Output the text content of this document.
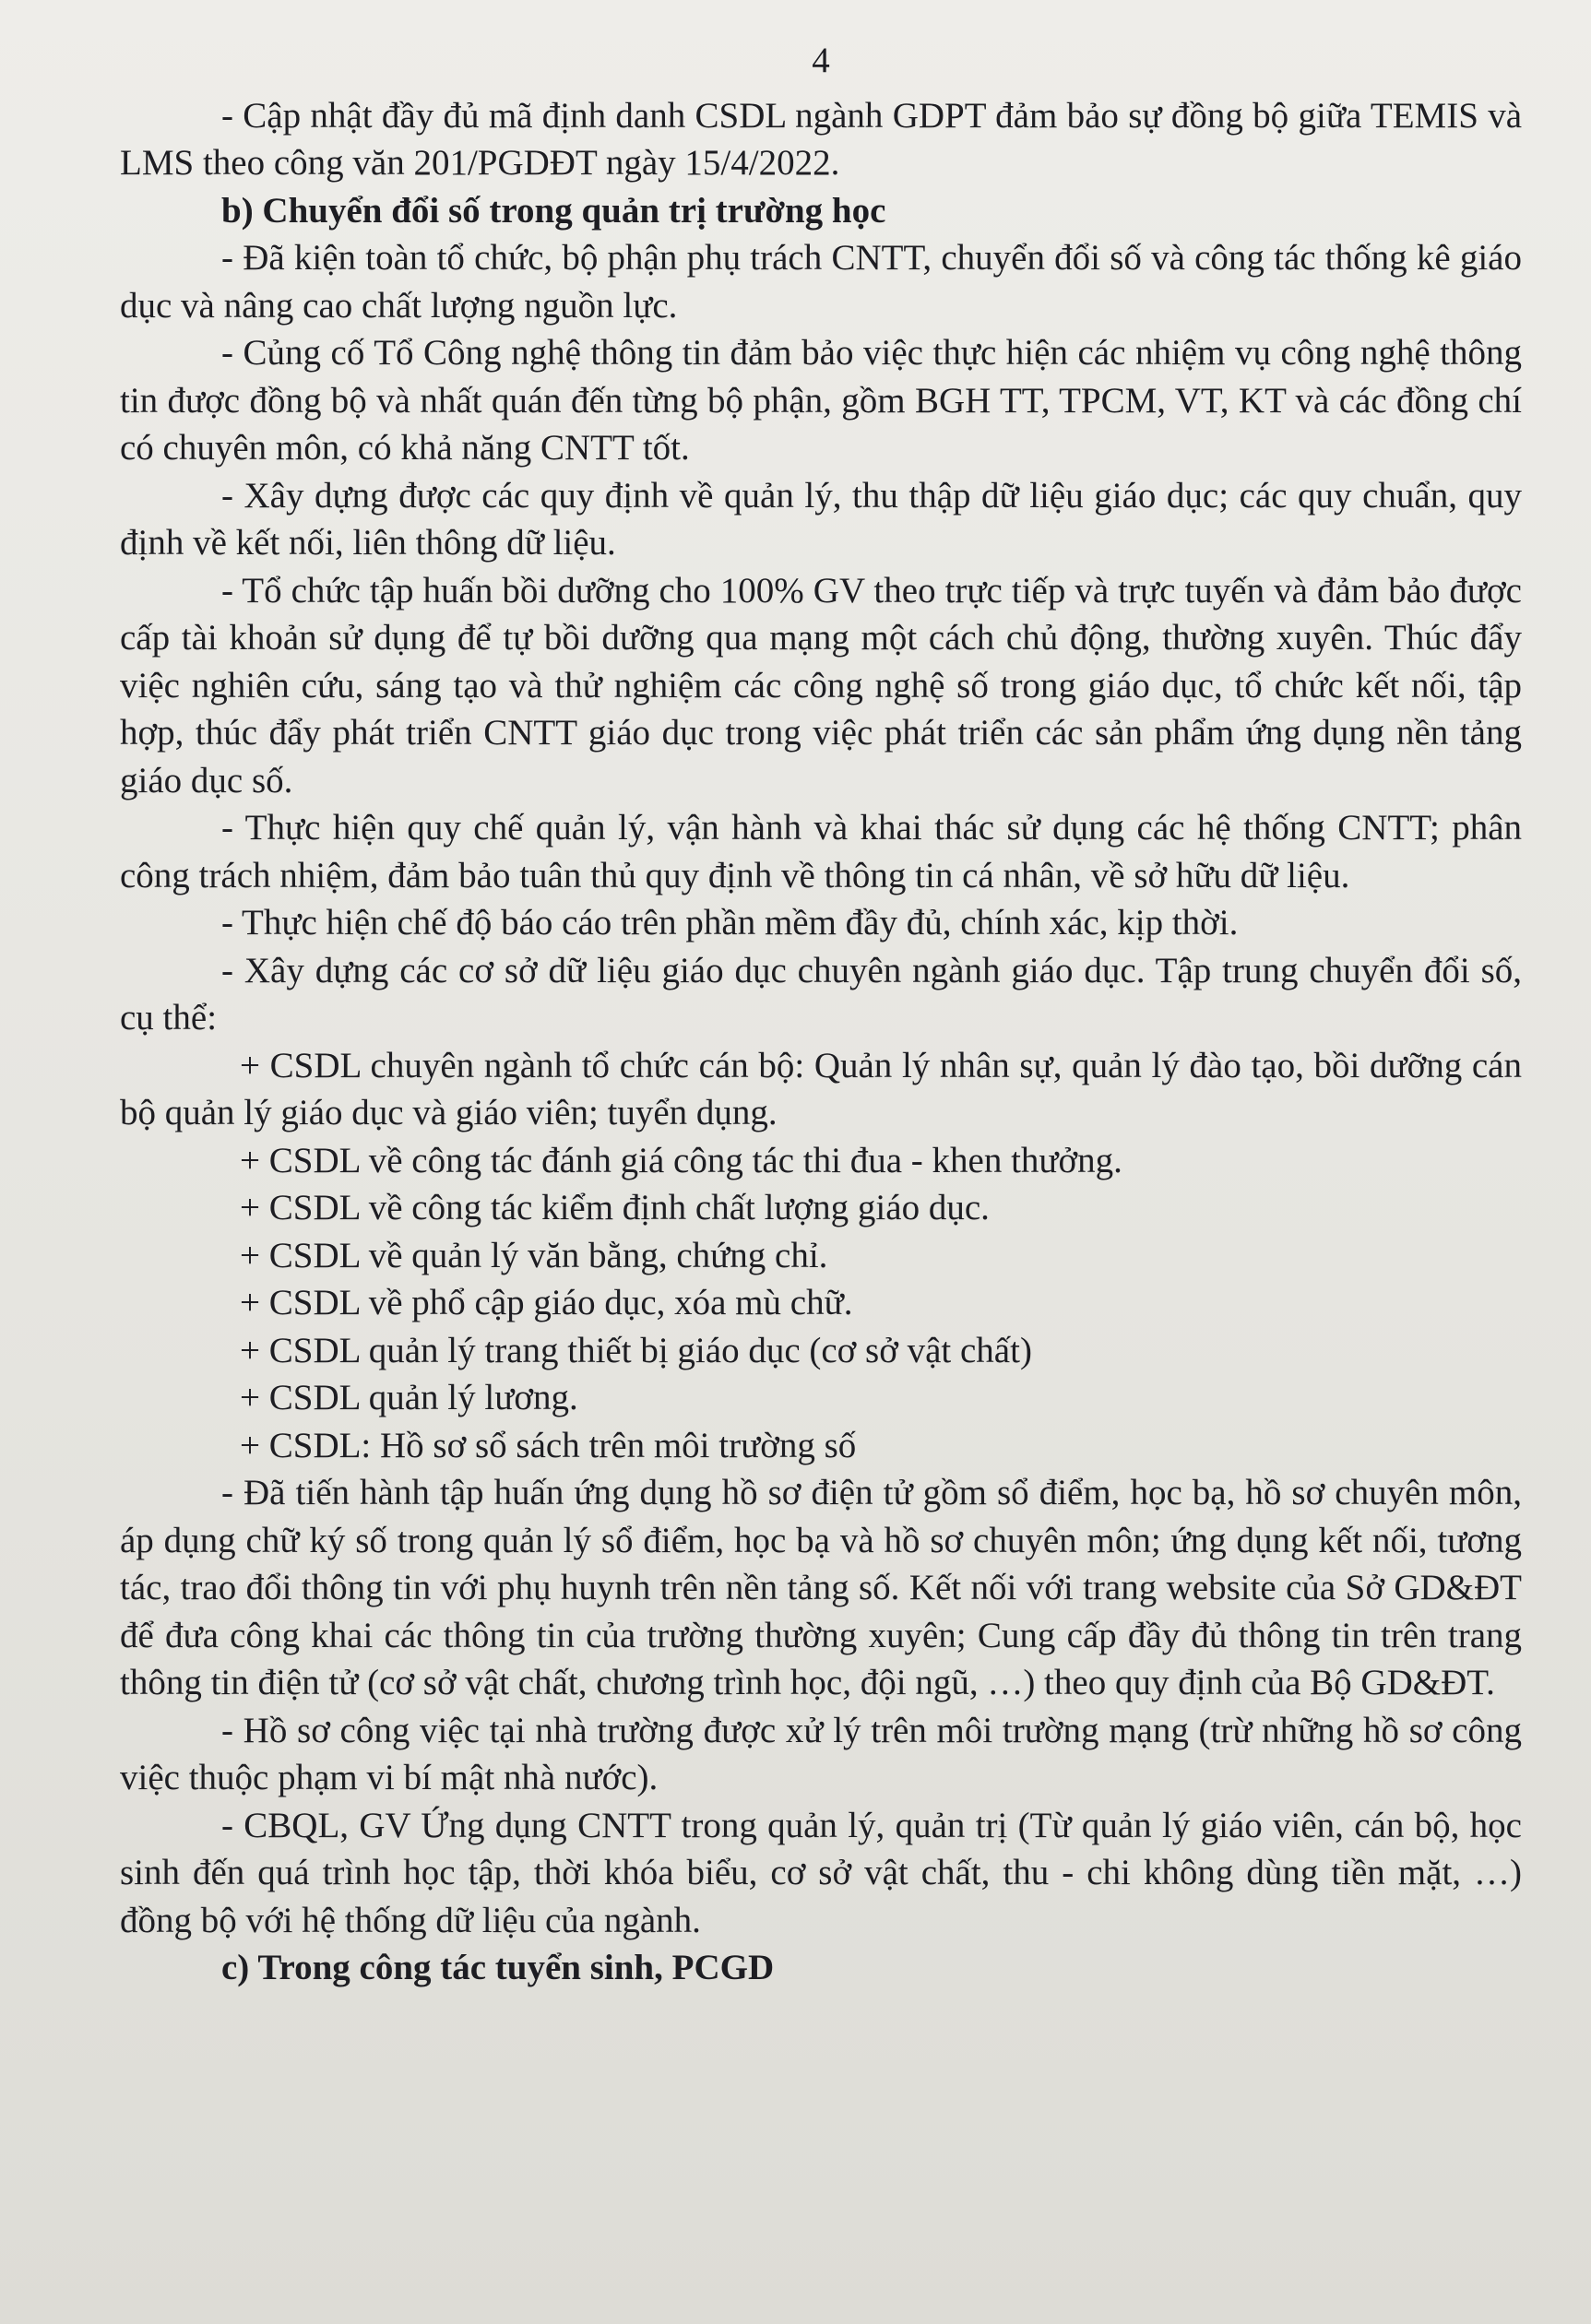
4

- Cập nhật đầy đủ mã định danh CSDL ngành GDPT đảm bảo sự đồng bộ giữa TEMIS và LMS theo công văn 201/PGDĐT ngày 15/4/2022.

b) Chuyển đổi số trong quản trị trường học

- Đã kiện toàn tổ chức, bộ phận phụ trách CNTT, chuyển đổi số và công tác thống kê giáo dục và nâng cao chất lượng nguồn lực.

- Củng cố Tổ Công nghệ thông tin đảm bảo việc thực hiện các nhiệm vụ công nghệ thông tin được đồng bộ và nhất quán đến từng bộ phận, gồm BGH TT, TPCM, VT, KT và các đồng chí có chuyên môn, có khả năng CNTT tốt.

- Xây dựng được các quy định về quản lý, thu thập dữ liệu giáo dục; các quy chuẩn, quy định về kết nối, liên thông dữ liệu.

- Tổ chức tập huấn bồi dưỡng cho 100% GV theo trực tiếp và trực tuyến và đảm bảo được cấp tài khoản sử dụng để tự bồi dưỡng qua mạng một cách chủ động, thường xuyên. Thúc đẩy việc nghiên cứu, sáng tạo và thử nghiệm các công nghệ số trong giáo dục, tổ chức kết nối, tập hợp, thúc đẩy phát triển CNTT giáo dục trong việc phát triển các sản phẩm ứng dụng nền tảng giáo dục số.

- Thực hiện quy chế quản lý, vận hành và khai thác sử dụng các hệ thống CNTT; phân công trách nhiệm, đảm bảo tuân thủ quy định về thông tin cá nhân, về sở hữu dữ liệu.

- Thực hiện chế độ báo cáo trên phần mềm đầy đủ, chính xác, kịp thời.

- Xây dựng các cơ sở dữ liệu giáo dục chuyên ngành giáo dục. Tập trung chuyển đổi số, cụ thể:

+ CSDL chuyên ngành tổ chức cán bộ: Quản lý nhân sự, quản lý đào tạo, bồi dưỡng cán bộ quản lý giáo dục và giáo viên; tuyển dụng.

+ CSDL về công tác đánh giá công tác thi đua - khen thưởng.

+ CSDL về công tác kiểm định chất lượng giáo dục.

+ CSDL về quản lý văn bằng, chứng chỉ.

+ CSDL về phổ cập giáo dục, xóa mù chữ.

+ CSDL quản lý trang thiết bị giáo dục (cơ sở vật chất)

+ CSDL quản lý lương.

+ CSDL: Hồ sơ sổ sách trên môi trường số

- Đã tiến hành tập huấn ứng dụng hồ sơ điện tử gồm sổ điểm, học bạ, hồ sơ chuyên môn, áp dụng chữ ký số trong quản lý sổ điểm, học bạ và hồ sơ chuyên môn; ứng dụng kết nối, tương tác, trao đổi thông tin với phụ huynh trên nền tảng số. Kết nối với trang website của Sở GD&ĐT để đưa công khai các thông tin của trường thường xuyên; Cung cấp đầy đủ thông tin trên trang thông tin điện tử (cơ sở vật chất, chương trình học, đội ngũ, …) theo quy định của Bộ GD&ĐT.

- Hồ sơ công việc tại nhà trường được xử lý trên môi trường mạng (trừ những hồ sơ công việc thuộc phạm vi bí mật nhà nước).

- CBQL, GV Ứng dụng CNTT trong quản lý, quản trị (Từ quản lý giáo viên, cán bộ, học sinh đến quá trình học tập, thời khóa biểu, cơ sở vật chất, thu - chi không dùng tiền mặt, …) đồng bộ với hệ thống dữ liệu của ngành.

c) Trong công tác tuyển sinh, PCGD
